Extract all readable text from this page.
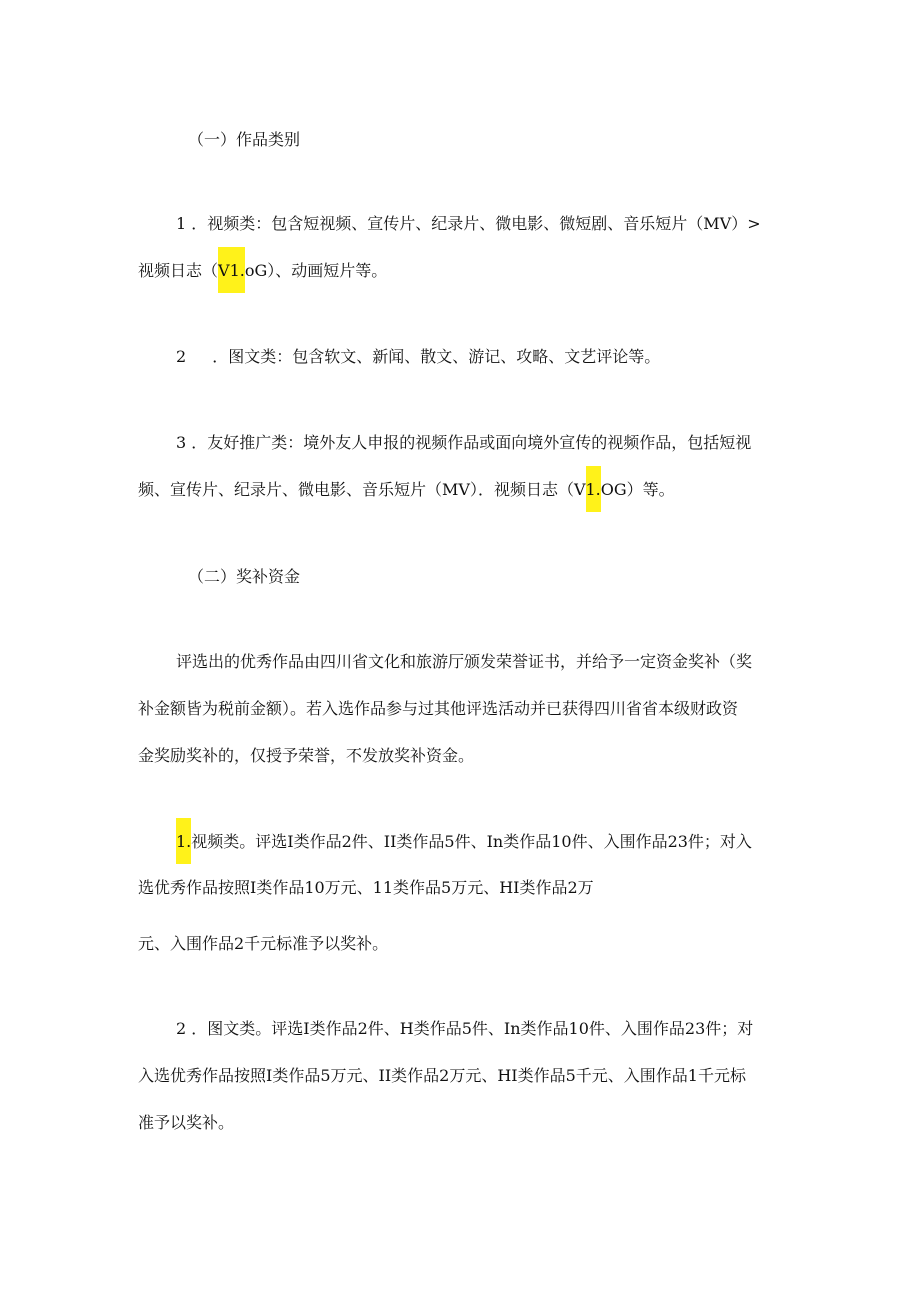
（一）作品类别
1 ．视频类：包含短视频、宣传片、纪录片、微电影、微短剧、音乐短片（MV）>
视频日志（V1.oG）、动画短片等。
2 ．图文类：包含软文、新闻、散文、游记、攻略、文艺评论等。
3 ．友好推广类：境外友人申报的视频作品或面向境外宣传的视频作品，包括短视
频、宣传片、纪录片、微电影、音乐短片（MV）．视频日志（V1.OG）等。
（二）奖补资金
评选出的优秀作品由四川省文化和旅游厅颁发荣誉证书，并给予一定资金奖补（奖
补金额皆为税前金额）。若入选作品参与过其他评选活动并已获得四川省省本级财政资
金奖励奖补的，仅授予荣誉，不发放奖补资金。
1.视频类。评选I类作品2件、II类作品5件、In类作品10件、入围作品23件；对入
选优秀作品按照I类作品10万元、11类作品5万元、HI类作品2万
元、入围作品2千元标准予以奖补。
2 ．图文类。评选I类作品2件、H类作品5件、In类作品10件、入围作品23件；对
入选优秀作品按照I类作品5万元、II类作品2万元、HI类作品5千元、入围作品1千元标
准予以奖补。
